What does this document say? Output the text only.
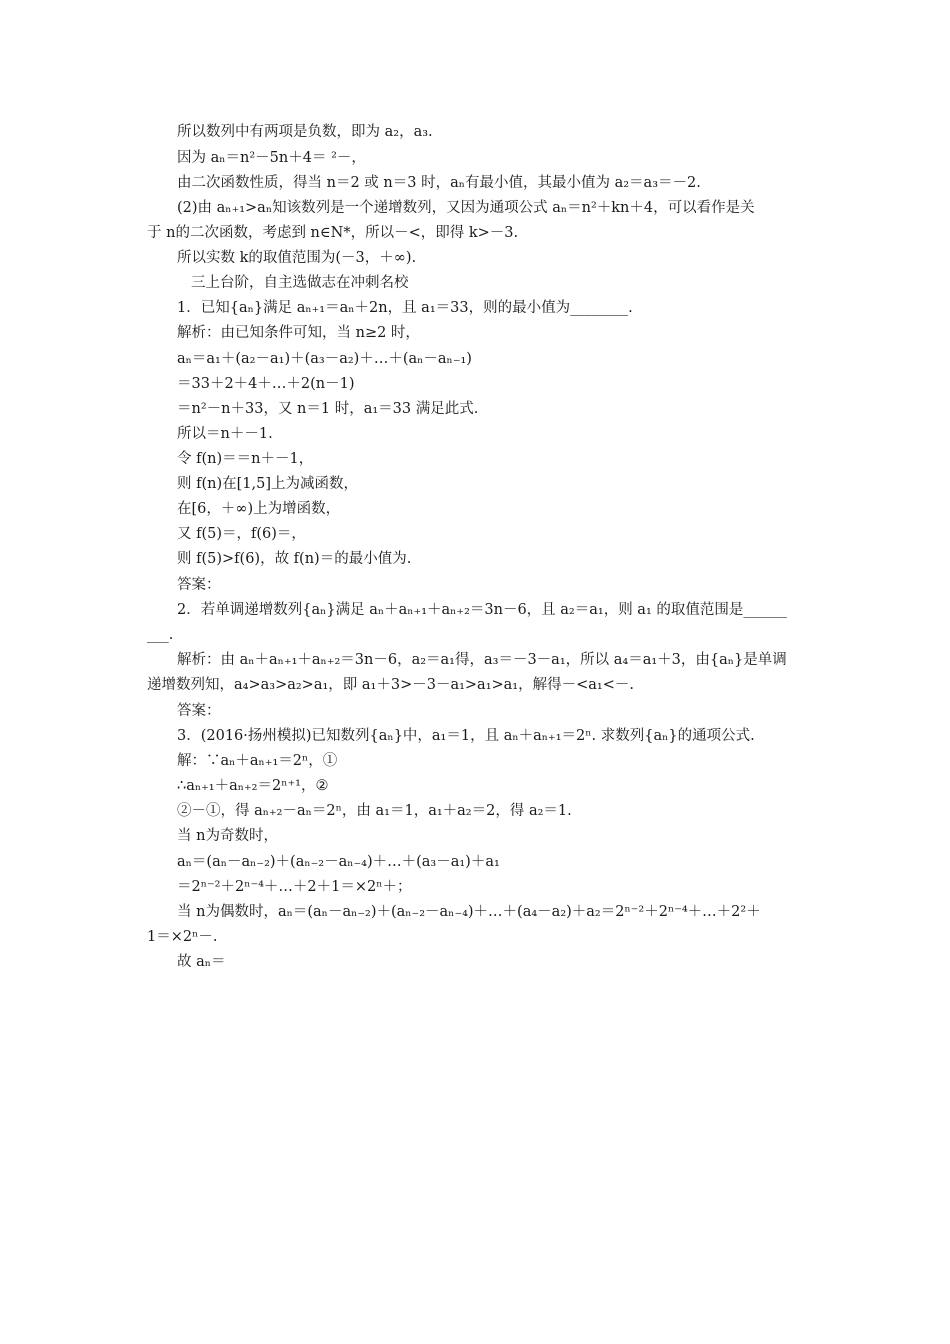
所以数列中有两项是负数，即为 a₂，a₃.
因为 aₙ＝n²－5n＋4＝ ²－，
由二次函数性质，得当 n＝2 或 n＝3 时，aₙ有最小值，其最小值为 a₂＝a₃＝－2.
(2)由 aₙ₊₁>aₙ知该数列是一个递增数列，又因为通项公式 aₙ＝n²＋kn＋4，可以看作是关
于 n的二次函数，考虑到 n∈N*，所以－<，即得 k>－3.
所以实数 k的取值范围为(－3，＋∞).
三上台阶，自主选做志在冲刺名校
1．已知{aₙ}满足 aₙ₊₁＝aₙ＋2n，且 a₁＝33，则的最小值为________.
解析：由已知条件可知，当 n≥2 时，
aₙ＝a₁＋(a₂－a₁)＋(a₃－a₂)＋…＋(aₙ－aₙ₋₁)
＝33＋2＋4＋…＋2(n－1)
＝n²－n＋33，又 n＝1 时，a₁＝33 满足此式.
所以＝n＋－1.
令 f(n)＝＝n＋－1，
则 f(n)在[1,5]上为减函数，
在[6，＋∞)上为增函数，
又 f(5)＝，f(6)＝，
则 f(5)>f(6)，故 f(n)＝的最小值为.
答案：
2．若单调递增数列{aₙ}满足 aₙ＋aₙ₊₁＋aₙ₊₂＝3n－6，且 a₂＝a₁，则 a₁ 的取值范围是______
___.
解析：由 aₙ＋aₙ₊₁＋aₙ₊₂＝3n－6，a₂＝a₁得，a₃＝－3－a₁，所以 a₄＝a₁＋3，由{aₙ}是单调
递增数列知，a₄>a₃>a₂>a₁，即 a₁＋3>－3－a₁>a₁>a₁，解得－<a₁<－.
答案：
3．(2016·扬州模拟)已知数列{aₙ}中，a₁＝1，且 aₙ＋aₙ₊₁＝2ⁿ. 求数列{aₙ}的通项公式.
解：∵aₙ＋aₙ₊₁＝2ⁿ，①
∴aₙ₊₁＋aₙ₊₂＝2ⁿ⁺¹，②
②－①，得 aₙ₊₂－aₙ＝2ⁿ，由 a₁＝1，a₁＋a₂＝2，得 a₂＝1.
当 n为奇数时，
aₙ＝(aₙ－aₙ₋₂)＋(aₙ₋₂－aₙ₋₄)＋…＋(a₃－a₁)＋a₁
＝2ⁿ⁻²＋2ⁿ⁻⁴＋…＋2＋1＝×2ⁿ＋；
当 n为偶数时，aₙ＝(aₙ－aₙ₋₂)＋(aₙ₋₂－aₙ₋₄)＋…＋(a₄－a₂)＋a₂＝2ⁿ⁻²＋2ⁿ⁻⁴＋…＋2²＋
1＝×2ⁿ－.
故 aₙ＝
